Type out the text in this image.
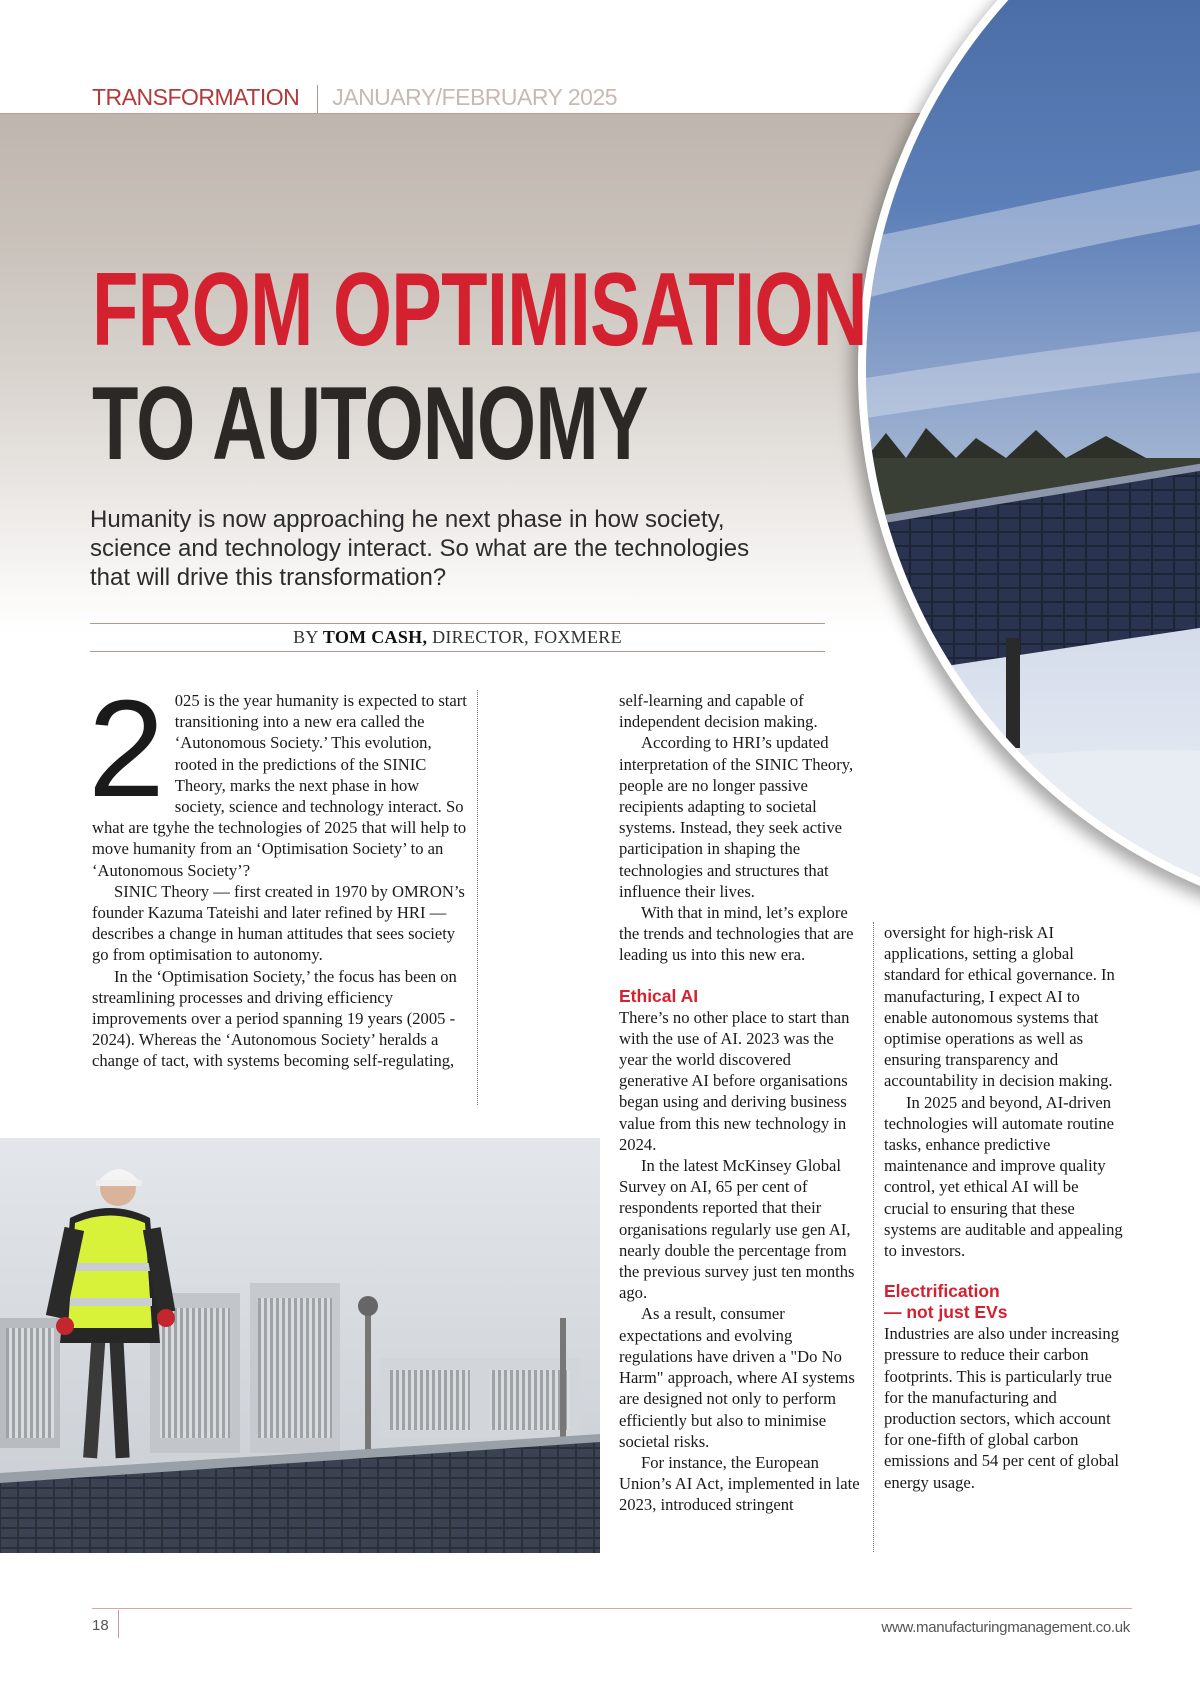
TRANSFORMATION JANUARY/FEBRUARY 2025
FROM OPTIMISATION
TO AUTONOMY
Humanity is now approaching he next phase in how society, science and technology interact. So what are the technologies that will drive this transformation?
BY TOM CASH, DIRECTOR, FOXMERE
2 025 is the year humanity is expected to start transitioning into a new era called the ‘Autonomous Society.’ This evolution, rooted in the predictions of the SINIC Theory, marks the next phase in how society, science and technology interact. So what are tgyhe the technologies of 2025 that will help to move humanity from an ‘Optimisation Society’ to an ‘Autonomous Society’?

SINIC Theory — first created in 1970 by OMRON’s founder Kazuma Tateishi and later refined by HRI — describes a change in human attitudes that sees society go from optimisation to autonomy.

In the ‘Optimisation Society,’ the focus has been on streamlining processes and driving efficiency improvements over a period spanning 19 years (2005 - 2024). Whereas the ‘Autonomous Society’ heralds a change of tact, with systems becoming self-regulating,

self-learning and capable of independent decision making.

According to HRI’s updated interpretation of the SINIC Theory, people are no longer passive recipients adapting to societal systems. Instead, they seek active participation in shaping the technologies and structures that influence their lives.

With that in mind, let’s explore the trends and technologies that are leading us into this new era.

Ethical AI

There’s no other place to start than with the use of AI. 2023 was the year the world discovered generative AI before organisations began using and deriving business value from this new technology in 2024.

In the latest McKinsey Global Survey on AI, 65 per cent of respondents reported that their organisations regularly use gen AI, nearly double the percentage from the previous survey just ten months ago.

As a result, consumer expectations and evolving regulations have driven a "Do No Harm" approach, where AI systems are designed not only to perform efficiently but also to minimise societal risks.

For instance, the European Union’s AI Act, implemented in late 2023, introduced stringent

oversight for high-risk AI applications, setting a global standard for ethical governance. In manufacturing, I expect AI to enable autonomous systems that optimise operations as well as ensuring transparency and accountability in decision making.

In 2025 and beyond, AI-driven technologies will automate routine tasks, enhance predictive maintenance and improve quality control, yet ethical AI will be crucial to ensuring that these systems are auditable and appealing to investors.

Electrification
— not just EVs

Industries are also under increasing pressure to reduce their carbon footprints. This is particularly true for the manufacturing and production sectors, which account for one-fifth of global carbon emissions and 54 per cent of global energy usage.

18	www.manufacturingmanagement.co.uk
